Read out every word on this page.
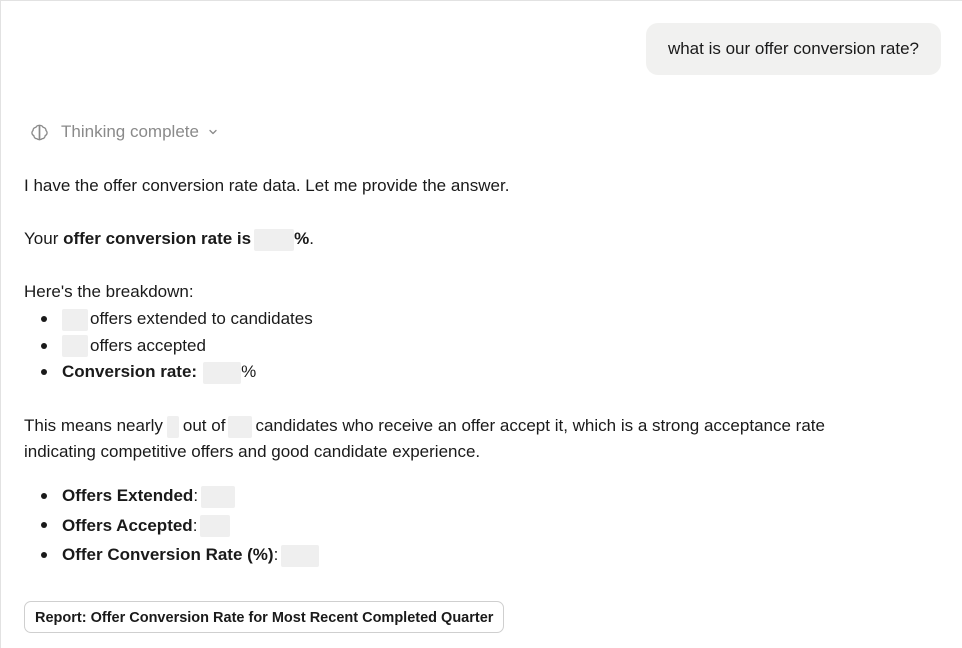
what is our offer conversion rate?
Thinking complete
I have the offer conversion rate data. Let me provide the answer.
Your offer conversion rate is	%.
Here's the breakdown:
offers extended to candidates
offers accepted
Conversion rate:	%
This means nearly out of candidates who receive an offer accept it, which is a strong acceptance rate
indicating competitive offers and good candidate experience.
Offers Extended:
Offers Accepted:
Offer Conversion Rate (%):
Report: Offer Conversion Rate for Most Recent Completed Quarter
